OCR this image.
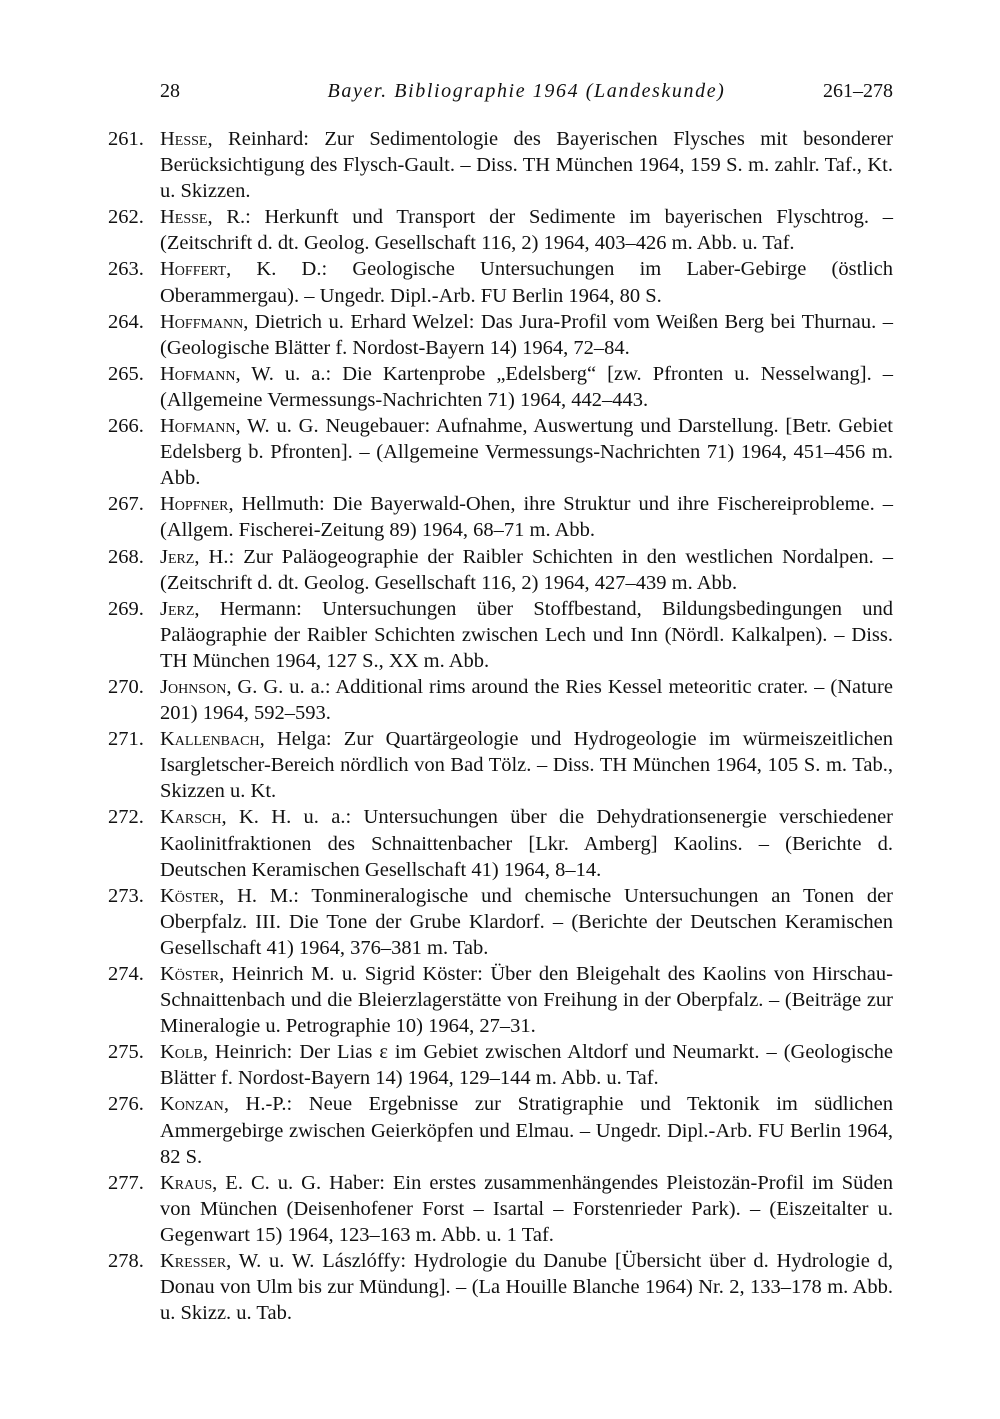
28	Bayer. Bibliographie 1964 (Landeskunde)	261–278

261. Hesse, Reinhard: Zur Sedimentologie des Bayerischen Flysches mit besonderer Berücksichtigung des Flysch-Gault. – Diss. TH München 1964, 159 S. m. zahlr. Taf., Kt. u. Skizzen.

262. Hesse, R.: Herkunft und Transport der Sedimente im bayerischen Flyschtrog. – (Zeitschrift d. dt. Geolog. Gesellschaft 116, 2) 1964, 403–426 m. Abb. u. Taf.

263. Hoffert, K. D.: Geologische Untersuchungen im Laber-Gebirge (östlich Oberammergau). – Ungedr. Dipl.-Arb. FU Berlin 1964, 80 S.

264. Hoffmann, Dietrich u. Erhard Welzel: Das Jura-Profil vom Weißen Berg bei Thurnau. – (Geologische Blätter f. Nordost-Bayern 14) 1964, 72–84.

265. Hofmann, W. u. a.: Die Kartenprobe „Edelsberg“ [zw. Pfronten u. Nesselwang]. – (Allgemeine Vermessungs-Nachrichten 71) 1964, 442–443.

266. Hofmann, W. u. G. Neugebauer: Aufnahme, Auswertung und Darstellung. [Betr. Gebiet Edelsberg b. Pfronten]. – (Allgemeine Vermessungs-Nachrichten 71) 1964, 451–456 m. Abb.

267. Hopfner, Hellmuth: Die Bayerwald-Ohen, ihre Struktur und ihre Fischereiprobleme. – (Allgem. Fischerei-Zeitung 89) 1964, 68–71 m. Abb.

268. Jerz, H.: Zur Paläogeographie der Raibler Schichten in den westlichen Nordalpen. – (Zeitschrift d. dt. Geolog. Gesellschaft 116, 2) 1964, 427–439 m. Abb.

269. Jerz, Hermann: Untersuchungen über Stoffbestand, Bildungsbedingungen und Paläographie der Raibler Schichten zwischen Lech und Inn (Nördl. Kalkalpen). – Diss. TH München 1964, 127 S., XX m. Abb.

270. Johnson, G. G. u. a.: Additional rims around the Ries Kessel meteoritic crater. – (Nature 201) 1964, 592–593.

271. Kallenbach, Helga: Zur Quartärgeologie und Hydrogeologie im würmeiszeitlichen Isargletscher-Bereich nördlich von Bad Tölz. – Diss. TH München 1964, 105 S. m. Tab., Skizzen u. Kt.

272. Karsch, K. H. u. a.: Untersuchungen über die Dehydrationsenergie verschiedener Kaolinitfraktionen des Schnaittenbacher [Lkr. Amberg] Kaolins. – (Berichte d. Deutschen Keramischen Gesellschaft 41) 1964, 8–14.

273. Köster, H. M.: Tonmineralogische und chemische Untersuchungen an Tonen der Oberpfalz. III. Die Tone der Grube Klardorf. – (Berichte der Deutschen Keramischen Gesellschaft 41) 1964, 376–381 m. Tab.

274. Köster, Heinrich M. u. Sigrid Köster: Über den Bleigehalt des Kaolins von Hirschau-Schnaittenbach und die Bleierzlagerstätte von Freihung in der Oberpfalz. – (Beiträge zur Mineralogie u. Petrographie 10) 1964, 27–31.

275. Kolb, Heinrich: Der Lias ε im Gebiet zwischen Altdorf und Neumarkt. – (Geologische Blätter f. Nordost-Bayern 14) 1964, 129–144 m. Abb. u. Taf.

276. Konzan, H.-P.: Neue Ergebnisse zur Stratigraphie und Tektonik im südlichen Ammergebirge zwischen Geierköpfen und Elmau. – Ungedr. Dipl.-Arb. FU Berlin 1964, 82 S.

277. Kraus, E. C. u. G. Haber: Ein erstes zusammenhängendes Pleistozän-Profil im Süden von München (Deisenhofener Forst – Isartal – Forstenrieder Park). – (Eiszeitalter u. Gegenwart 15) 1964, 123–163 m. Abb. u. 1 Taf.

278. Kresser, W. u. W. Lászlóffy: Hydrologie du Danube [Übersicht über d. Hydrologie d, Donau von Ulm bis zur Mündung]. – (La Houille Blanche 1964) Nr. 2, 133–178 m. Abb. u. Skizz. u. Tab.
